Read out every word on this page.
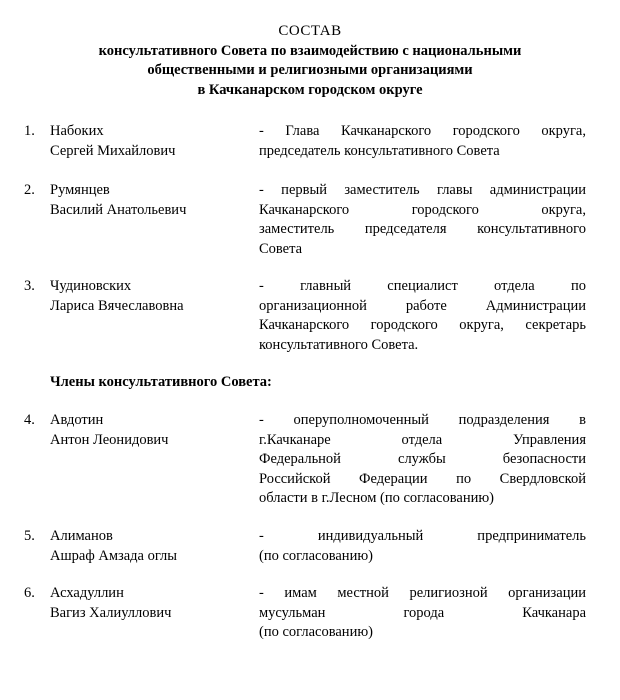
СОСТАВ
консультативного Совета по взаимодействию с национальными
общественными и религиозными организациями
в Качканарском городском округе
1. Набоких
Сергей Михайлович
- Глава Качканарского городского округа,
председатель консультативного Совета
2. Румянцев
Василий Анатольевич
- первый заместитель главы администрации
Качканарского городского округа,
заместитель председателя консультативного
Совета
3. Чудиновских
Лариса Вячеславовна
- главный специалист отдела по
организационной работе Администрации
Качканарского городского округа, секретарь
консультативного Совета.
Члены консультативного Совета:
4. Авдотин
Антон Леонидович
- оперуполномоченный подразделения в
г.Качканаре отдела Управления
Федеральной службы безопасности
Российской Федерации по Свердловской
области в г.Лесном (по согласованию)
5. Алиманов
Ашраф Амзада оглы
- индивидуальный предприниматель
(по согласованию)
6. Асхадуллин
Вагиз Халиуллович
- имам местной религиозной организации
мусульман города Качканара
(по согласованию)
